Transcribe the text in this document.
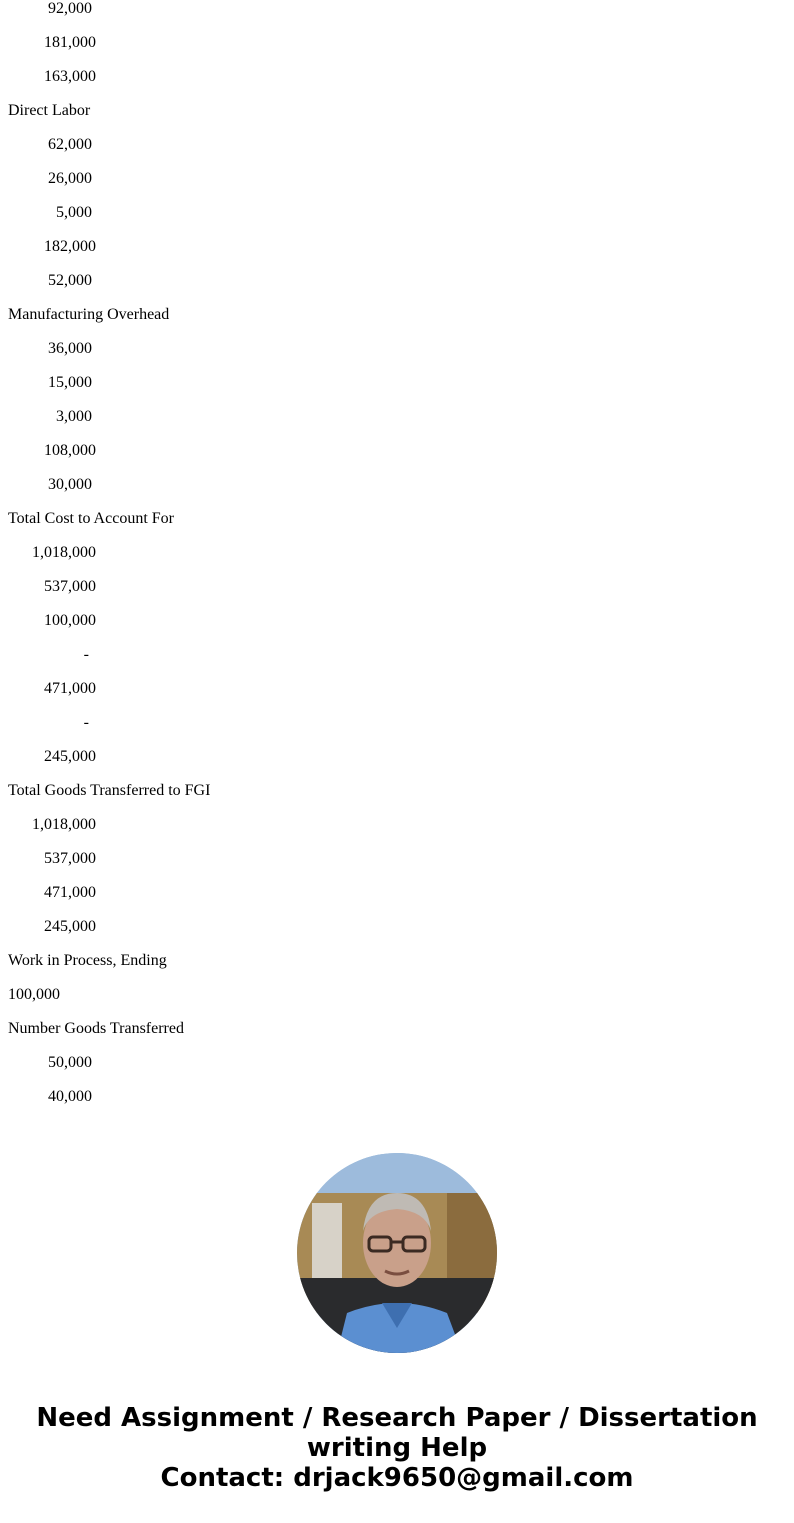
92,000
181,000
163,000
Direct Labor
62,000
26,000
5,000
182,000
52,000
Manufacturing Overhead
36,000
15,000
3,000
108,000
30,000
Total Cost to Account For
1,018,000
537,000
100,000
-
471,000
-
245,000
Total Goods Transferred to FGI
1,018,000
537,000
471,000
245,000
Work in Process, Ending
100,000
Number Goods Transferred
50,000
40,000
Need Assignment / Research Paper / Dissertation
writing Help
Contact: drjack9650@gmail.com
